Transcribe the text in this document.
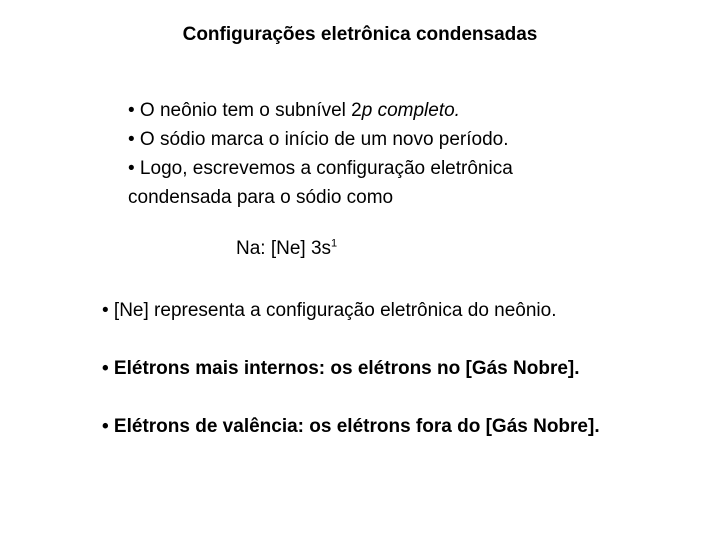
Configurações eletrônica condensadas
• O neônio tem o subnível 2p completo.
• O sódio marca o início de um novo período.
• Logo, escrevemos a configuração eletrônica
condensada para o sódio como
Na: [Ne] $3s^1$
• [Ne] representa a configuração eletrônica do neônio.
• Elétrons mais internos: os elétrons no [Gás Nobre].
• Elétrons de valência: os elétrons fora do [Gás Nobre].
